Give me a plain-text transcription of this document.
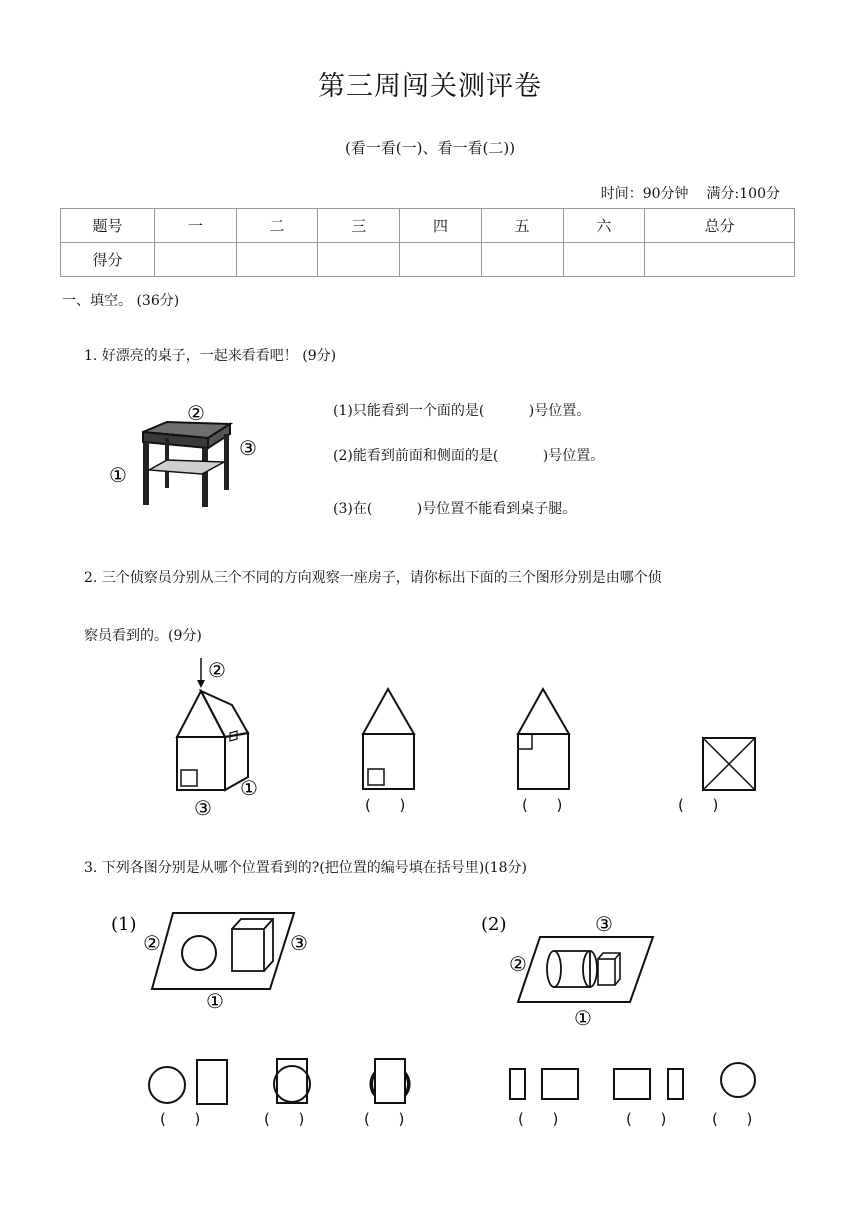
第三周闯关测评卷
(看一看(一)、看一看(二))
时间：90分钟 满分:100分
题号	一	二	三	四	五	六	总分
得分							
一、填空。 (36分)
1. 好漂亮的桌子，一起来看看吧！ (9分)
①
②
③
(1)只能看到一个面的是(          )号位置。
(2)能看到前面和侧面的是(          )号位置。
(3)在(          )号位置不能看到桌子腿。
2. 三个侦察员分别从三个不同的方向观察一座房子，请你标出下面的三个图形分别是由哪个侦
察员看到的。(9分)
②
③
①
(      )	(      )	(      )
3. 下列各图分别是从哪个位置看到的?(把位置的编号填在括号里)(18分)
(1)
②	③
①
(2)	③
②
①
(      )	(      )	(      )	(      )	(      )	(      )
